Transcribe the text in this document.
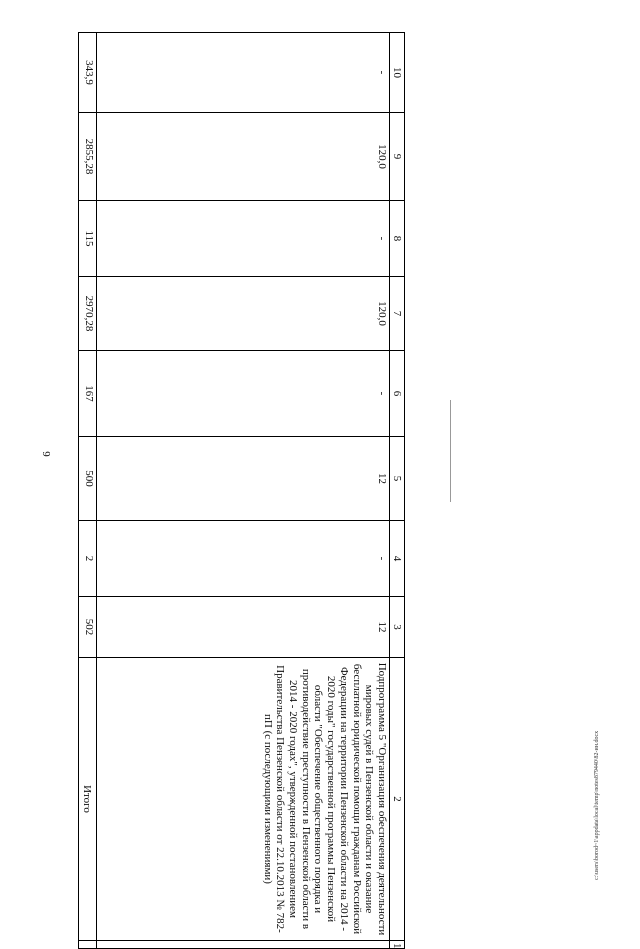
6
c:\users\borod~1\appdata\local\temp\notes879440\82-ин.docx
10	9	8	7	6	5	4	3	2	1
-	120,0	-	120,0	-	12	-	12	Подпрограмма 5 "Организация обеспечения деятельности мировых судей в Пензенской области и оказание бесплатной юридической помощи гражданам Российской Федерации на территории Пензенской области на 2014 - 2020 годы" государственной программы Пензенской области "Обеспечение общественного порядка и противодействие преступности в Пензенской области в 2014 - 2020 годах", утвержденной постановлением Правительства Пензенской области от 22.10.2013 № 782-пП (с последующими изменениями)	
343,9	2855,28	115	2970,28	167	500	2	502	Итого	
